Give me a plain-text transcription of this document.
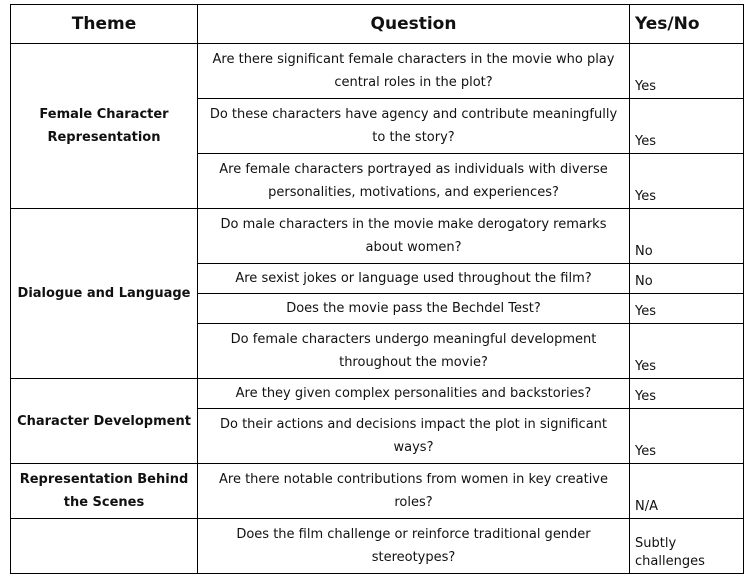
Theme	Question	Yes/No
Female Character Representation	Are there significant female characters in the movie who play central roles in the plot?	Yes
	Do these characters have agency and contribute meaningfully to the story?	Yes
	Are female characters portrayed as individuals with diverse personalities, motivations, and experiences?	Yes
Dialogue and Language	Do male characters in the movie make derogatory remarks about women?	No
	Are sexist jokes or language used throughout the film?	No
	Does the movie pass the Bechdel Test?	Yes
	Do female characters undergo meaningful development throughout the movie?	Yes
Character Development	Are they given complex personalities and backstories?	Yes
	Do their actions and decisions impact the plot in significant ways?	Yes
Representation Behind the Scenes	Are there notable contributions from women in key creative roles?	N/A
	Does the film challenge or reinforce traditional gender stereotypes?	Subtly challenges
